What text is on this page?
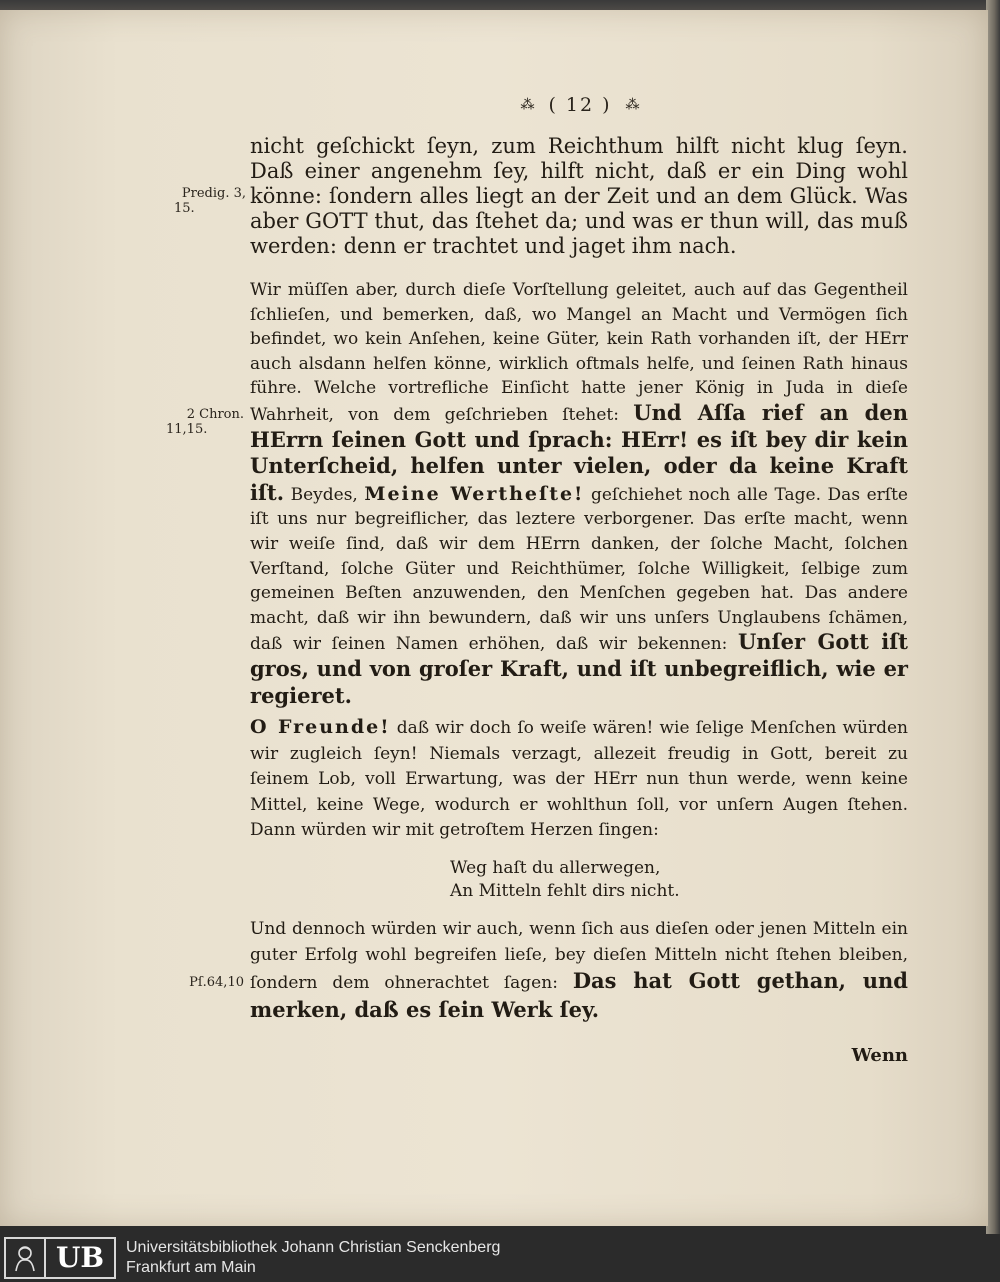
⁂ ( 12 ) ⁂
Predig. 3,
15.
2 Chron.
11,15.
Pſ.64,10

nicht geſchickt ſeyn, zum Reichthum hilft nicht klug ſeyn. Daß einer angenehm ſey, hilft nicht, daß er ein Ding wohl könne: ſondern alles liegt an der Zeit und an dem Glück. Was aber GOTT thut, das ſtehet da; und was er thun will, das muß werden: denn er trachtet und jaget ihm nach.

Wir müſſen aber, durch dieſe Vorſtellung geleitet, auch auf das Gegentheil ſchlieſen, und bemerken, daß, wo Mangel an Macht und Vermögen ſich befindet, wo kein Anſehen, keine Güter, kein Rath vorhanden iſt, der HErr auch alsdann helfen könne, wirklich oftmals helfe, und ſeinen Rath hinaus führe. Welche vortrefliche Einſicht hatte jener König in Juda in dieſe Wahrheit, von dem geſchrieben ſtehet: Und Aſſa rief an den HErrn ſeinen Gott und ſprach: HErr! es iſt bey dir kein Unterſcheid, helfen unter vielen, oder da keine Kraft iſt. Beydes, Meine Wertheſte! geſchiehet noch alle Tage. Das erſte iſt uns nur begreiflicher, das leztere verborgener. Das erſte macht, wenn wir weiſe ſind, daß wir dem HErrn danken, der ſolche Macht, ſolchen Verſtand, ſolche Güter und Reichthümer, ſolche Willigkeit, ſelbige zum gemeinen Beſten anzuwenden, den Menſchen gegeben hat. Das andere macht, daß wir ihn bewundern, daß wir uns unſers Unglaubens ſchämen, daß wir ſeinen Namen erhöhen, daß wir bekennen: Unſer Gott iſt gros, und von groſer Kraft, und iſt unbegreiflich, wie er regieret.

O Freunde! daß wir doch ſo weiſe wären! wie ſelige Menſchen würden wir zugleich ſeyn! Niemals verzagt, allezeit freudig in Gott, bereit zu ſeinem Lob, voll Erwartung, was der HErr nun thun werde, wenn keine Mittel, keine Wege, wodurch er wohlthun ſoll, vor unſern Augen ſtehen. Dann würden wir mit getroſtem Herzen ſingen:

Weg haſt du allerwegen,
An Mitteln fehlt dirs nicht.

Und dennoch würden wir auch, wenn ſich aus dieſen oder jenen Mitteln ein guter Erfolg wohl begreifen lieſe, bey dieſen Mitteln nicht ſtehen bleiben, ſondern dem ohnerachtet ſagen: Das hat Gott gethan, und merken, daß es ſein Werk ſey.

Wenn
UB	Universitätsbibliothek Johann Christian Senckenberg
Frankfurt am Main
